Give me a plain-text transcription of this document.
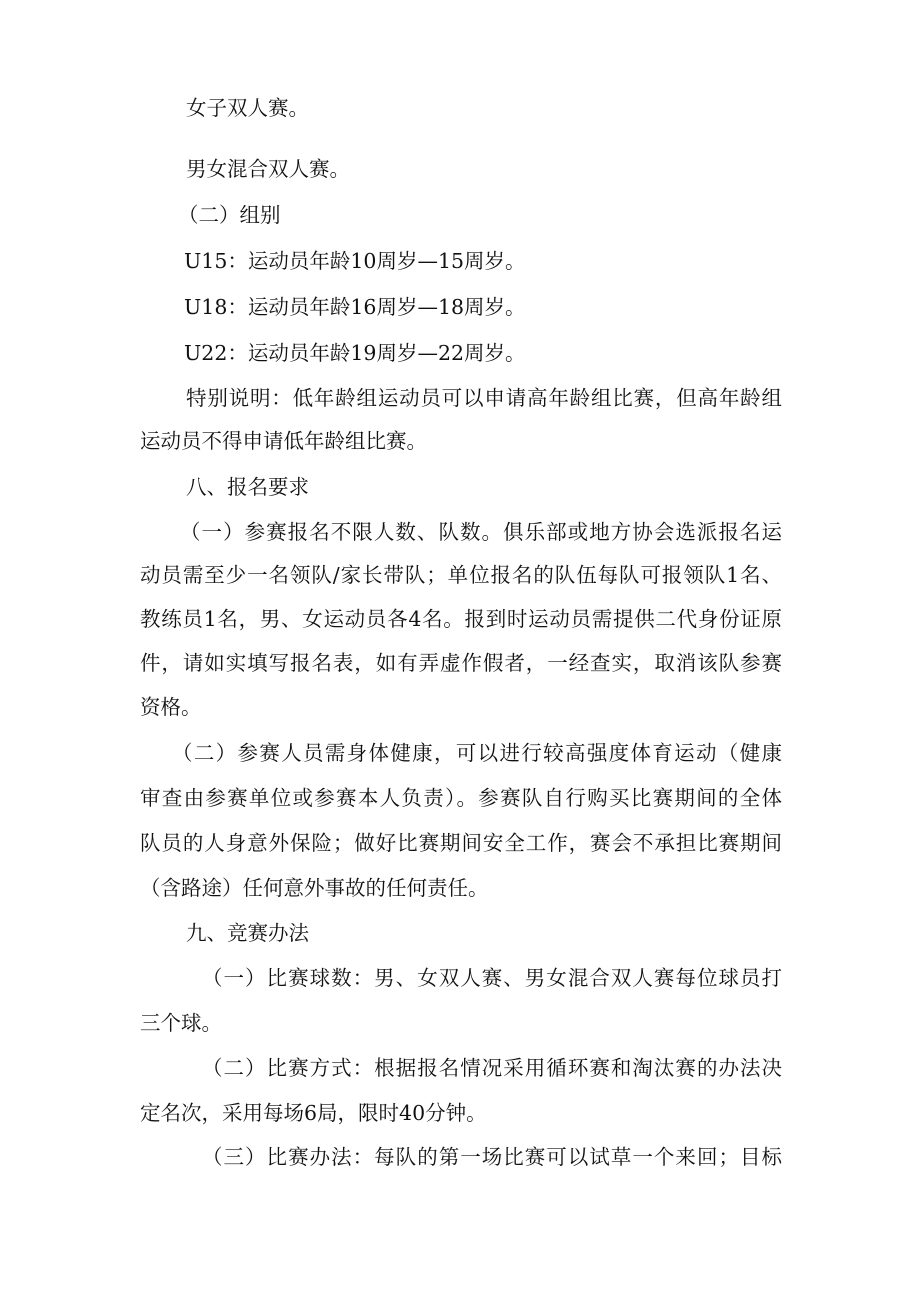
女子双人赛。
男女混合双人赛。
（二）组别
U15：运动员年龄10周岁—15周岁。
U18：运动员年龄16周岁—18周岁。
U22：运动员年龄19周岁—22周岁。
特别说明：低年龄组运动员可以申请高年龄组比赛，但高年龄组
运动员不得申请低年龄组比赛。
八、报名要求
（一）参赛报名不限人数、队数。俱乐部或地方协会选派报名运
动员需至少一名领队/家长带队；单位报名的队伍每队可报领队1名、
教练员1名，男、女运动员各4名。报到时运动员需提供二代身份证原
件，请如实填写报名表，如有弄虚作假者，一经查实，取消该队参赛
资格。
（二）参赛人员需身体健康，可以进行较高强度体育运动（健康
审查由参赛单位或参赛本人负责）。参赛队自行购买比赛期间的全体
队员的人身意外保险；做好比赛期间安全工作，赛会不承担比赛期间
（含路途）任何意外事故的任何责任。
九、竞赛办法
（一）比赛球数：男、女双人赛、男女混合双人赛每位球员打
三个球。
（二）比赛方式：根据报名情况采用循环赛和淘汰赛的办法决
定名次，采用每场6局，限时40分钟。
（三）比赛办法：每队的第一场比赛可以试草一个来回；目标
